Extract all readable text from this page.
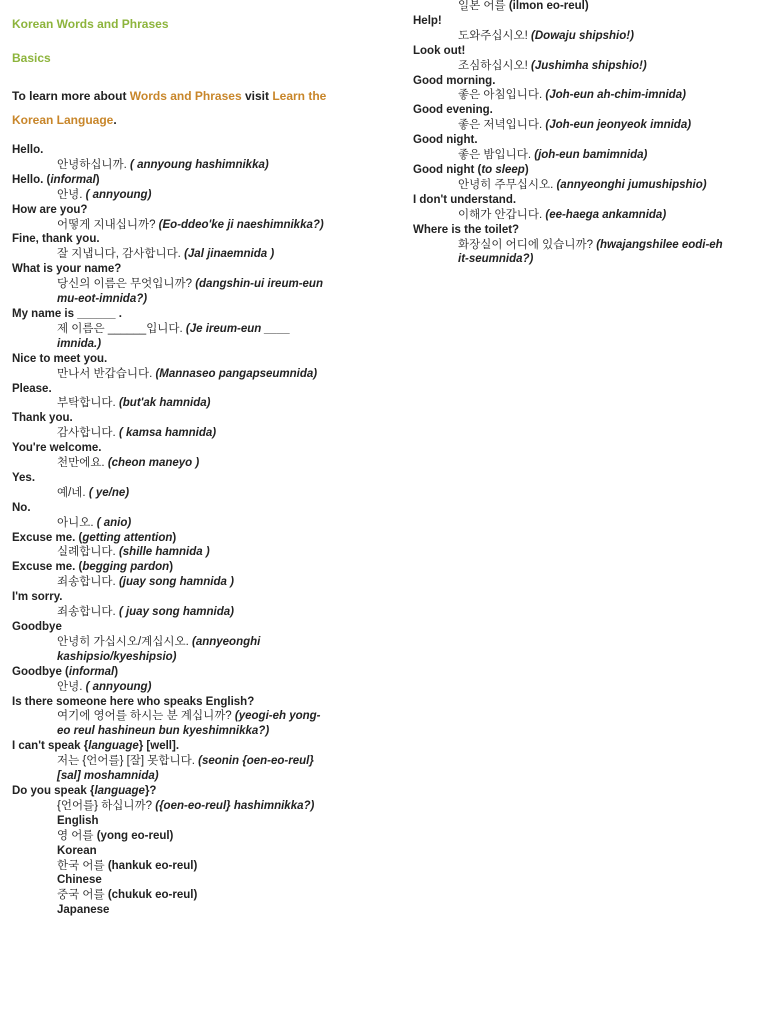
Korean Words and Phrases
Basics
To learn more about Words and Phrases visit Learn the Korean Language.
Hello.
안녕하십니까. ( annyoung hashimnikka)
Hello. (informal)
안녕. ( annyoung)
How are you?
어떻게 지내십니까? (Eo-ddeo'ke ji naeshimnikka?)
Fine, thank you.
잘 지냅니다, 감사합니다. (Jal jinaemnida )
What is your name?
당신의 이름은 무엇입니까? (dangshin-ui ireum-eun
mu-eot-imnida?)
My name is ______ .
제 이름은 ______입니다. (Je ireum-eun ____
imnida.)
Nice to meet you.
만나서 반갑습니다. (Mannaseo pangapseumnida)
Please.
부탁합니다. (but'ak hamnida)
Thank you.
감사합니다. ( kamsa hamnida)
You're welcome.
천만에요. (cheon maneyo )
Yes.
예/네. ( ye/ne)
No.
아니오. ( anio)
Excuse me. (getting attention)
실례합니다. (shille hamnida )
Excuse me. (begging pardon)
죄송합니다. (juay song hamnida )
I'm sorry.
죄송합니다. ( juay song hamnida)
Goodbye
안녕히 가십시오/계십시오. (annyeonghi
kashipsio/kyeshipsio)
Goodbye (informal)
안녕. ( annyoung)
Is there someone here who speaks English?
여기에 영어를 하시는 분 계십니까? (yeogi-eh yong-
eo reul hashineun bun kyeshimnikka?)
I can't speak {language} [well].
저는 {언어를} [잘] 못합니다. (seonin {oen-eo-reul}
[sal] moshamnida)
Do you speak {language}?
{언어를} 하십니까? ({oen-eo-reul} hashimnikka?)
English
영 어를 (yong eo-reul)
Korean
한국 어를 (hankuk eo-reul)
Chinese
중국 어를 (chukuk eo-reul)
Japanese
일본 어를 (ilmon eo-reul)
Help!
도와주십시오! (Dowaju shipshio!)
Look out!
조심하십시오! (Jushimha shipshio!)
Good morning.
좋은 아침입니다. (Joh-eun ah-chim-imnida)
Good evening.
좋은 저녁입니다. (Joh-eun jeonyeok imnida)
Good night.
좋은 밤입니다. (joh-eun bamimnida)
Good night (to sleep)
안녕히 주무십시오. (annyeonghi jumushipshio)
I don't understand.
이해가 안갑니다. (ee-haega ankamnida)
Where is the toilet?
화장실이 어디에 있습니까? (hwajangshilee eodi-eh
it-seumnida?)
